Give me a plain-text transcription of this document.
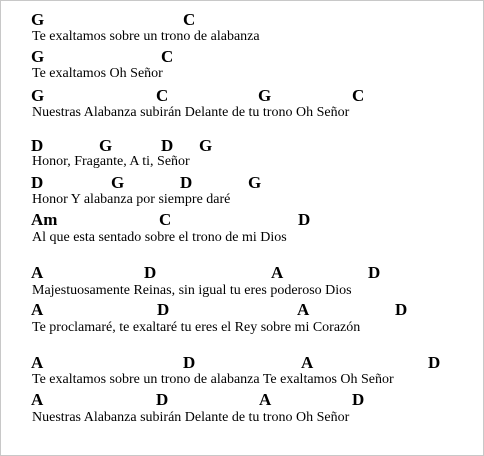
G	C
Te exaltamos sobre un trono de alabanza
G	C
Te exaltamos Oh Señor
G	C	G	C
Nuestras Alabanza subirán Delante de tu trono Oh Señor
D	G	D G
Honor, Fragante, A ti, Señor
D	G	D	G
Honor Y alabanza por siempre daré
Am	C	D
Al que esta sentado sobre el trono de mi Dios
A	D	A	D
Majestuosamente Reinas, sin igual tu eres poderoso Dios
A	D	A	D
Te proclamaré, te exaltaré tu eres el Rey sobre mi Corazón
A	D	A	D
Te exaltamos sobre un trono de alabanza Te exaltamos Oh Señor
A	D	A	D
Nuestras Alabanza subirán Delante de tu trono Oh Señor
